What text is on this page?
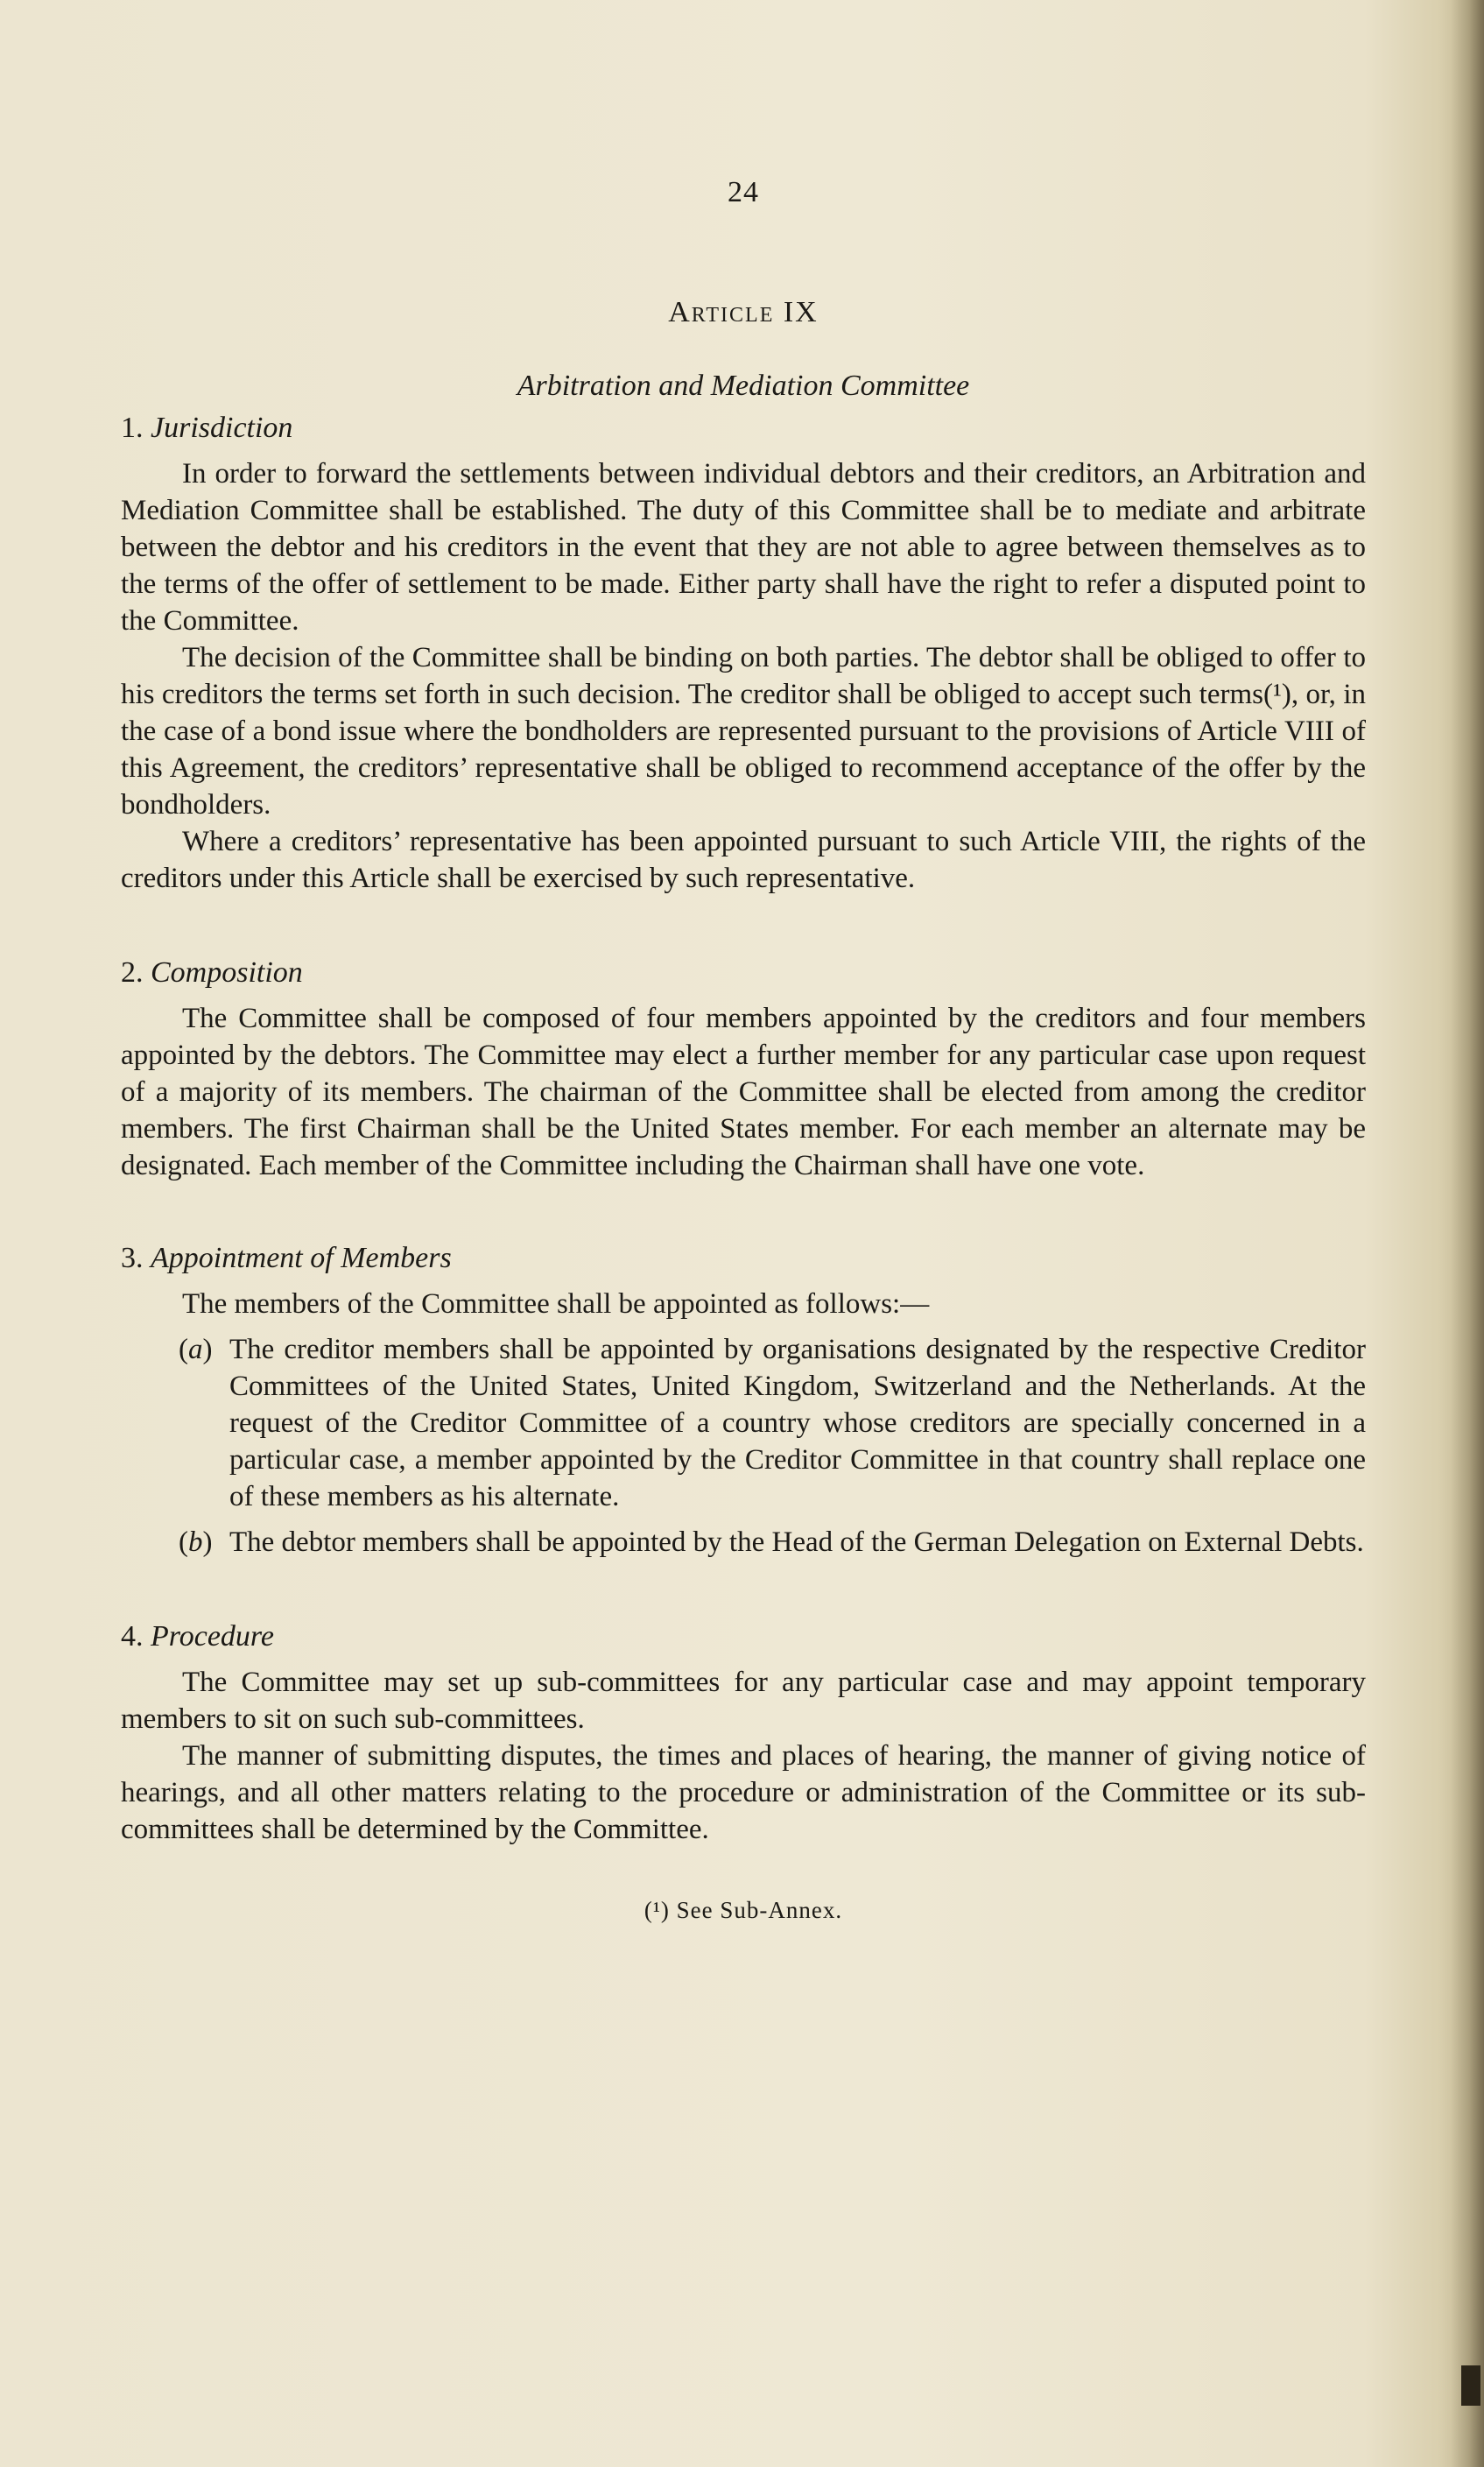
24
Article IX
Arbitration and Mediation Committee
1. Jurisdiction

In order to forward the settlements between individual debtors and their creditors, an Arbitration and Mediation Committee shall be established. The duty of this Committee shall be to mediate and arbitrate between the debtor and his creditors in the event that they are not able to agree between themselves as to the terms of the offer of settlement to be made. Either party shall have the right to refer a disputed point to the Committee.

The decision of the Committee shall be binding on both parties. The debtor shall be obliged to offer to his creditors the terms set forth in such decision. The creditor shall be obliged to accept such terms(¹), or, in the case of a bond issue where the bondholders are represented pursuant to the provisions of Article VIII of this Agreement, the creditors’ representative shall be obliged to recommend acceptance of the offer by the bondholders.

Where a creditors’ representative has been appointed pursuant to such Article VIII, the rights of the creditors under this Article shall be exercised by such representative.

2. Composition

The Committee shall be composed of four members appointed by the creditors and four members appointed by the debtors. The Committee may elect a further member for any particular case upon request of a majority of its members. The chairman of the Committee shall be elected from among the creditor members. The first Chairman shall be the United States member. For each member an alternate may be designated. Each member of the Committee including the Chairman shall have one vote.

3. Appointment of Members

The members of the Committee shall be appointed as follows:—

(a) The creditor members shall be appointed by organisations designated by the respective Creditor Committees of the United States, United Kingdom, Switzerland and the Netherlands. At the request of the Creditor Committee of a country whose creditors are specially concerned in a particular case, a member appointed by the Creditor Committee in that country shall replace one of these members as his alternate.
(b) The debtor members shall be appointed by the Head of the German Delegation on External Debts.
4. Procedure

The Committee may set up sub-committees for any particular case and may appoint temporary members to sit on such sub-committees.

The manner of submitting disputes, the times and places of hearing, the manner of giving notice of hearings, and all other matters relating to the procedure or administration of the Committee or its sub-committees shall be determined by the Committee.

(¹) See Sub-Annex.
